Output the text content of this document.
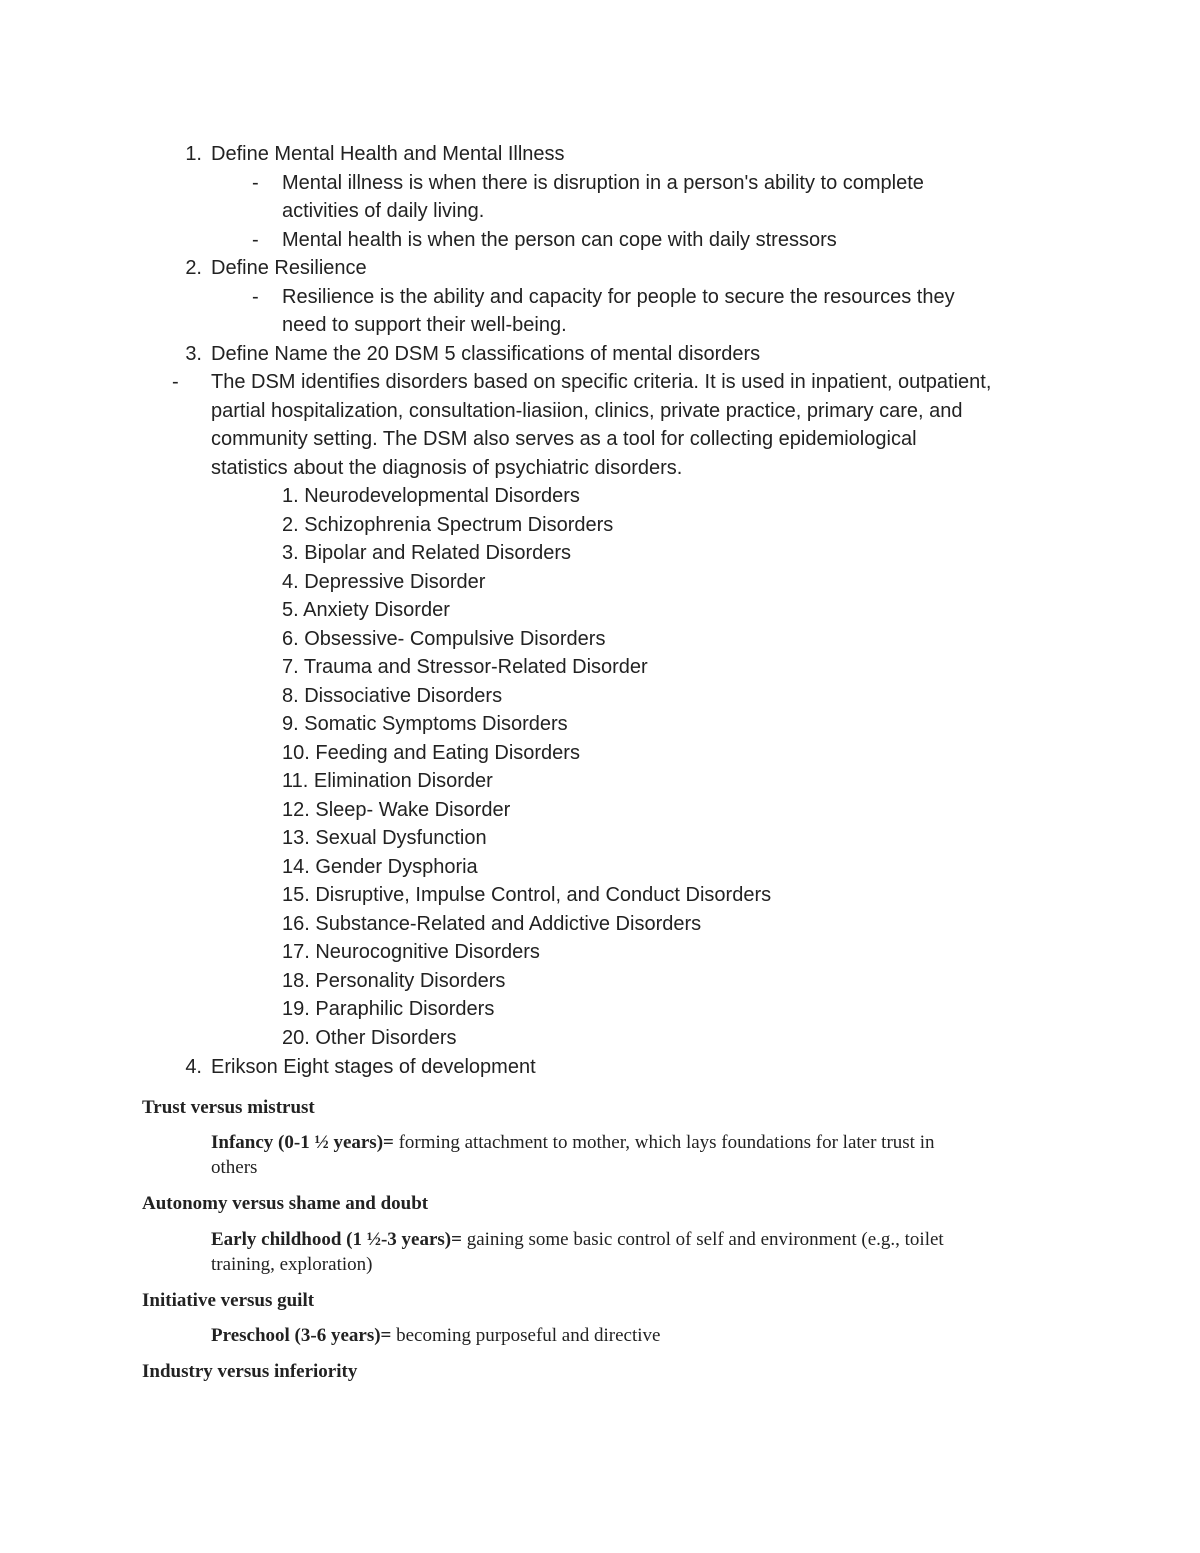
1. Define Mental Health and Mental Illness
- Mental illness is when there is disruption in a person's ability to complete
activities of daily living.
- Mental health is when the person can cope with daily stressors
2. Define Resilience
- Resilience is the ability and capacity for people to secure the resources they
need to support their well-being.
3. Define Name the 20 DSM 5 classifications of mental disorders
- The DSM identifies disorders based on specific criteria. It is used in inpatient, outpatient,
partial hospitalization, consultation-liasiion, clinics, private practice, primary care, and
community setting. The DSM also serves as a tool for collecting epidemiological
statistics about the diagnosis of psychiatric disorders.
1. Neurodevelopmental Disorders
2. Schizophrenia Spectrum Disorders
3. Bipolar and Related Disorders
4. Depressive Disorder
5. Anxiety Disorder
6. Obsessive- Compulsive Disorders
7. Trauma and Stressor-Related Disorder
8. Dissociative Disorders
9. Somatic Symptoms Disorders
10. Feeding and Eating Disorders
11. Elimination Disorder
12. Sleep- Wake Disorder
13. Sexual Dysfunction
14. Gender Dysphoria
15. Disruptive, Impulse Control, and Conduct Disorders
16. Substance-Related and Addictive Disorders
17. Neurocognitive Disorders
18. Personality Disorders
19. Paraphilic Disorders
20. Other Disorders
4. Erikson Eight stages of development
Trust versus mistrust
Infancy (0-1 ½ years)= forming attachment to mother, which lays foundations for later trust in
others
Autonomy versus shame and doubt
Early childhood (1 ½-3 years)= gaining some basic control of self and environment (e.g., toilet
training, exploration)
Initiative versus guilt
Preschool (3-6 years)= becoming purposeful and directive
Industry versus inferiority
